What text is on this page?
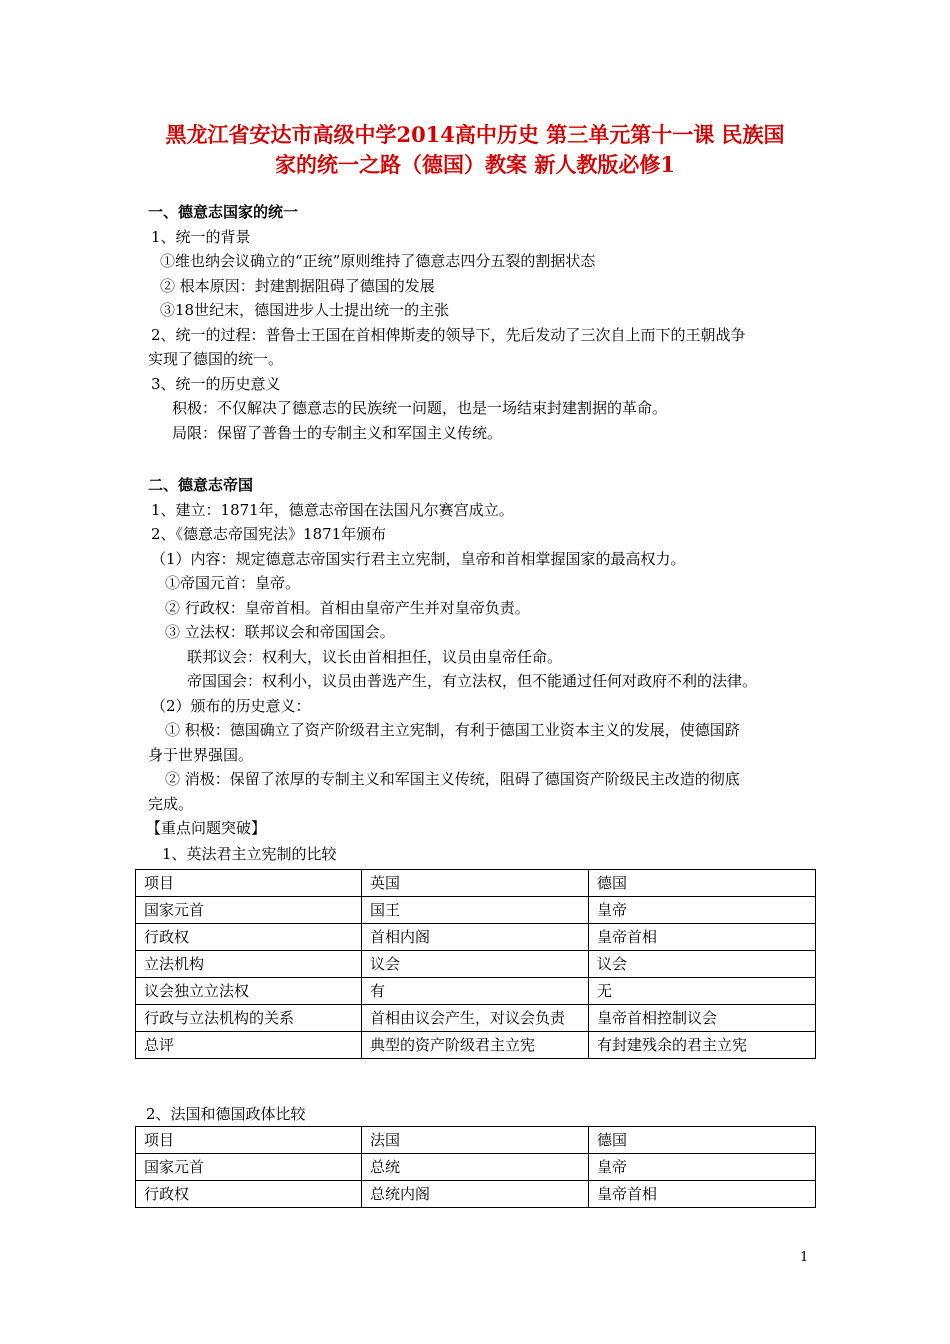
黑龙江省安达市高级中学2014高中历史 第三单元第十一课 民族国
家的统一之路（德国）教案 新人教版必修1
一、德意志国家的统一
1、统一的背景
①维也纳会议确立的“正统”原则维持了德意志四分五裂的割据状态
② 根本原因：封建割据阻碍了德国的发展
③18世纪末，德国进步人士提出统一的主张
2、统一的过程：普鲁士王国在首相俾斯麦的领导下，先后发动了三次自上而下的王朝战争
实现了德国的统一。
3、统一的历史意义
积极：不仅解决了德意志的民族统一问题，也是一场结束封建割据的革命。
局限：保留了普鲁士的专制主义和军国主义传统。
二、德意志帝国
1、建立：1871年，德意志帝国在法国凡尔赛宫成立。
2、《德意志帝国宪法》1871年颁布
（1）内容：规定德意志帝国实行君主立宪制，皇帝和首相掌握国家的最高权力。
①帝国元首：皇帝。
② 行政权：皇帝首相。首相由皇帝产生并对皇帝负责。
③ 立法权：联邦议会和帝国国会。
联邦议会：权利大，议长由首相担任，议员由皇帝任命。
帝国国会：权利小，议员由普选产生，有立法权，但不能通过任何对政府不利的法律。
（2）颁布的历史意义：
① 积极：德国确立了资产阶级君主立宪制，有利于德国工业资本主义的发展，使德国跻
身于世界强国。
② 消极：保留了浓厚的专制主义和军国主义传统，阻碍了德国资产阶级民主改造的彻底
完成。
【重点问题突破】
1、英法君主立宪制的比较
项目	英国	德国
国家元首	国王	皇帝
行政权	首相内阁	皇帝首相
立法机构	议会	议会
议会独立立法权	有	无
行政与立法机构的关系	首相由议会产生，对议会负责	皇帝首相控制议会
总评	典型的资产阶级君主立宪	有封建残余的君主立宪
2、法国和德国政体比较
项目	法国	德国
国家元首	总统	皇帝
行政权	总统内阁	皇帝首相
1
